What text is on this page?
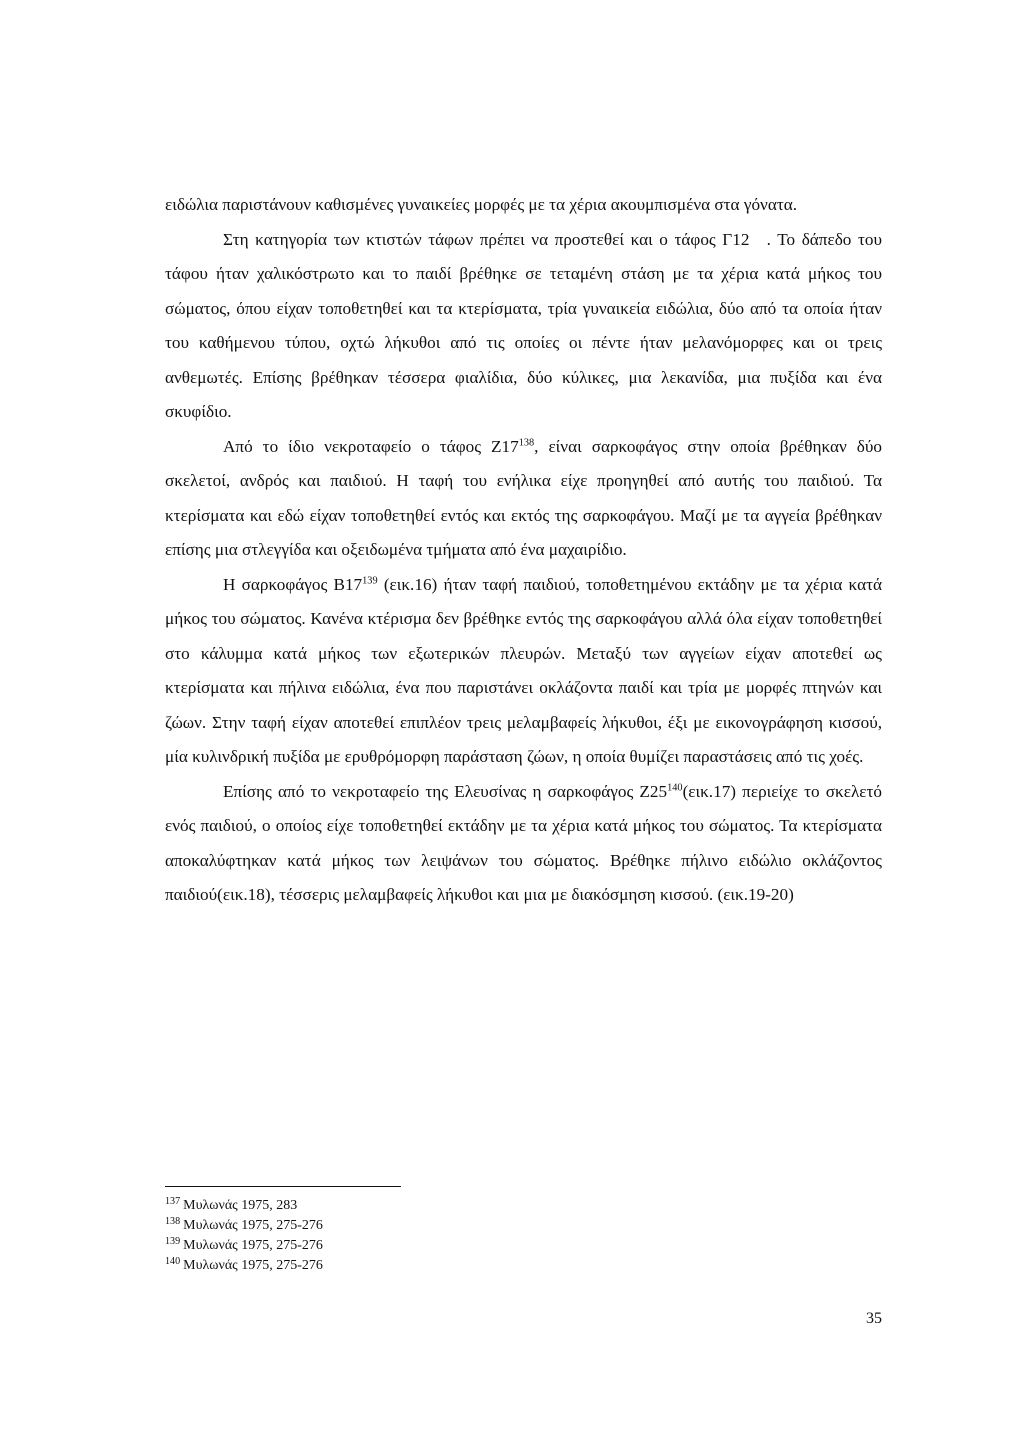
ειδώλια παριστάνουν καθισμένες γυναικείες μορφές με τα χέρια ακουμπισμένα στα γόνατα.

Στη κατηγορία των κτιστών τάφων πρέπει να προστεθεί και ο τάφος Γ12 . Το δάπεδο του τάφου ήταν χαλικόστρωτο και το παιδί βρέθηκε σε τεταμένη στάση με τα χέρια κατά μήκος του σώματος, όπου είχαν τοποθετηθεί και τα κτερίσματα, τρία γυναικεία ειδώλια, δύο από τα οποία ήταν του καθήμενου τύπου, οχτώ λήκυθοι από τις οποίες οι πέντε ήταν μελανόμορφες και οι τρεις ανθεμωτές. Επίσης βρέθηκαν τέσσερα φιαλίδια, δύο κύλικες, μια λεκανίδα, μια πυξίδα και ένα σκυφίδιο.

Από το ίδιο νεκροταφείο ο τάφος $Z17^{138}$, είναι σαρκοφάγος στην οποία βρέθηκαν δύο σκελετοί, ανδρός και παιδιού. Η ταφή του ενήλικα είχε προηγηθεί από αυτής του παιδιού. Τα κτερίσματα και εδώ είχαν τοποθετηθεί εντός και εκτός της σαρκοφάγου. Μαζί με τα αγγεία βρέθηκαν επίσης μια στλεγγίδα και οξειδωμένα τμήματα από ένα μαχαιρίδιο.

Η σαρκοφάγος $B17^{139}$ (εικ.16) ήταν ταφή παιδιού, τοποθετημένου εκτάδην με τα χέρια κατά μήκος του σώματος. Κανένα κτέρισμα δεν βρέθηκε εντός της σαρκοφάγου αλλά όλα είχαν τοποθετηθεί στο κάλυμμα κατά μήκος των εξωτερικών πλευρών. Μεταξύ των αγγείων είχαν αποτεθεί ως κτερίσματα και πήλινα ειδώλια, ένα που παριστάνει οκλάζοντα παιδί και τρία με μορφές πτηνών και ζώων. Στην ταφή είχαν αποτεθεί επιπλέον τρεις μελαμβαφείς λήκυθοι, έξι με εικονογράφηση κισσού, μία κυλινδρική πυξίδα με ερυθρόμορφη παράσταση ζώων, η οποία θυμίζει παραστάσεις από τις χοές.

Επίσης από το νεκροταφείο της Ελευσίνας η σαρκοφάγος $Z25^{140}(\varepsilon\iota\kappa.17)$ περιείχε το σκελετό ενός παιδιού, ο οποίος είχε τοποθετηθεί εκτάδην με τα χέρια κατά μήκος του σώματος. Τα κτερίσματα αποκαλύφτηκαν κατά μήκος των λειψάνων του σώματος. Βρέθηκε πήλινο ειδώλιο οκλάζοντος παιδιού(εικ.18), τέσσερις μελαμβαφείς λήκυθοι και μια με διακόσμηση κισσού. (εικ.19-20)

$^{137}$ Μυλωνάς 1975, 283
$^{138}$ Μυλωνάς 1975, 275-276
$^{139}$ Μυλωνάς 1975, 275-276
$^{140}$ Μυλωνάς 1975, 275-276
35
